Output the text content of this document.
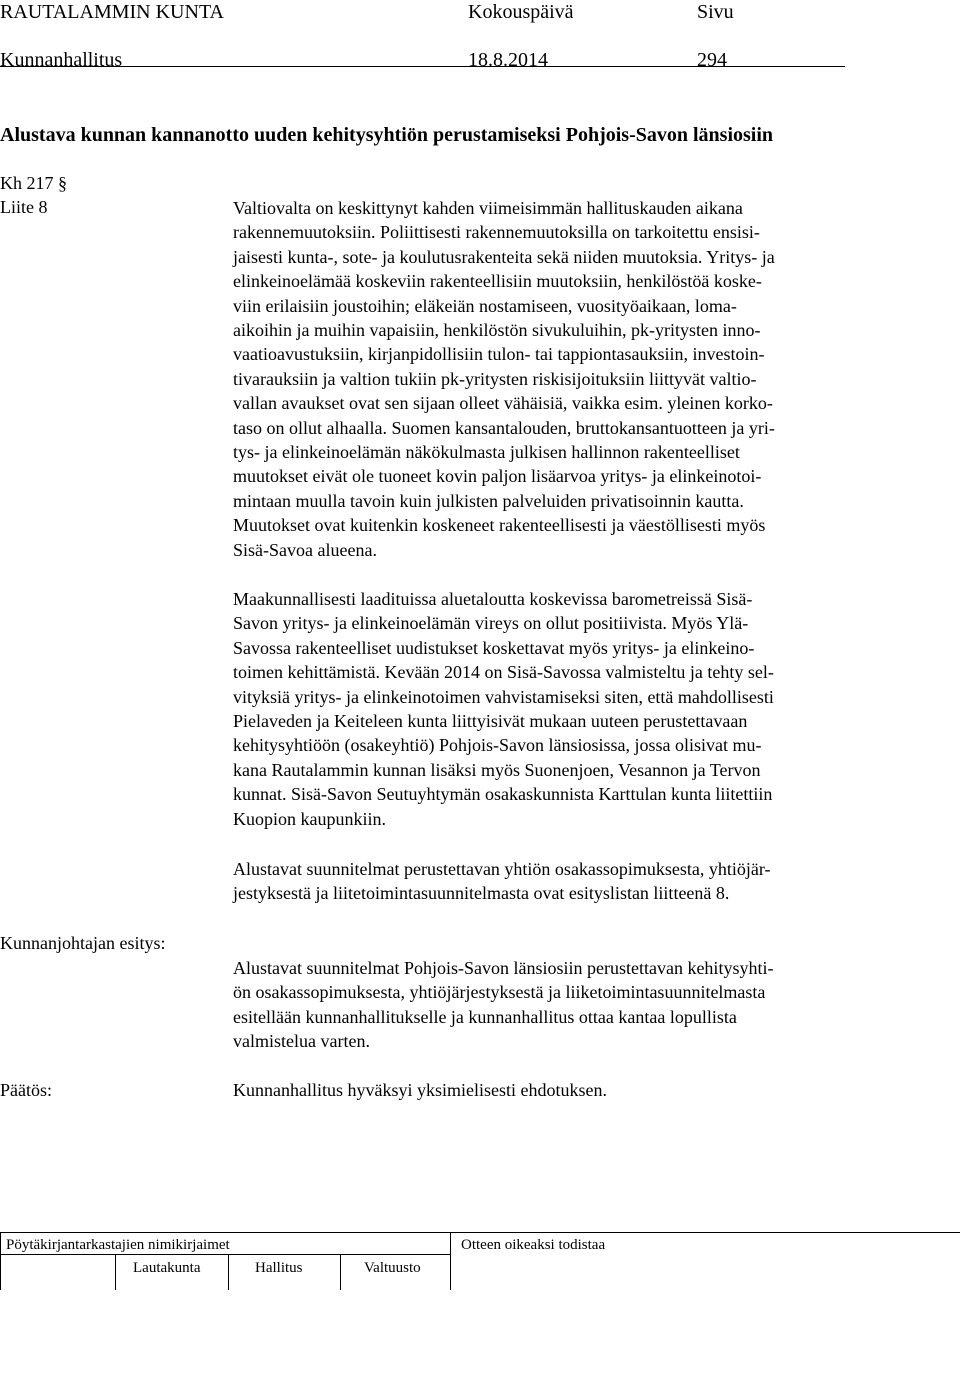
RAUTALAMMIN KUNTA	Kokouspäivä	Sivu
Kunnanhallitus	18.8.2014	294
Alustava kunnan kannanotto uuden kehitysyhtiön perustamiseksi Pohjois-Savon länsiosiin
Kh 217 §
Liite 8	Valtiovalta on keskittynyt kahden viimeisimmän hallituskauden aikana
rakennemuutoksiin. Poliittisesti rakennemuutoksilla on tarkoitettu ensisi-
jaisesti kunta-, sote- ja koulutusrakenteita sekä niiden muutoksia. Yritys- ja
elinkeinoelämää koskeviin rakenteellisiin muutoksiin, henkilöstöä koske-
viin erilaisiin joustoihin; eläkeiän nostamiseen, vuosityöaikaan, loma-
aikoihin ja muihin vapaisiin, henkilöstön sivukuluihin, pk-yritysten inno-
vaatioavustuksiin, kirjanpidollisiin tulon- tai tappiontasauksiin, investoin-
tivarauksiin ja valtion tukiin pk-yritysten riskisijoituksiin liittyvät valtio-
vallan avaukset ovat sen sijaan olleet vähäisiä, vaikka esim. yleinen korko-
taso on ollut alhaalla. Suomen kansantalouden, bruttokansantuotteen ja yri-
tys- ja elinkeinoelämän näkökulmasta julkisen hallinnon rakenteelliset
muutokset eivät ole tuoneet kovin paljon lisäarvoa yritys- ja elinkeinotoi-
mintaan muulla tavoin kuin julkisten palveluiden privatisoinnin kautta.
Muutokset ovat kuitenkin koskeneet rakenteellisesti ja väestöllisesti myös
Sisä-Savoa alueena.
Maakunnallisesti laadituissa aluetaloutta koskevissa barometreissä Sisä-
Savon yritys- ja elinkeinoelämän vireys on ollut positiivista. Myös Ylä-
Savossa rakenteelliset uudistukset koskettavat myös yritys- ja elinkeino-
toimen kehittämistä. Kevään 2014 on Sisä-Savossa valmisteltu ja tehty sel-
vityksiä yritys- ja elinkeinotoimen vahvistamiseksi siten, että mahdollisesti
Pielaveden ja Keiteleen kunta liittyisivät mukaan uuteen perustettavaan
kehitysyhtiöön (osakeyhtiö) Pohjois-Savon länsiosissa, jossa olisivat mu-
kana Rautalammin kunnan lisäksi myös Suonenjoen, Vesannon ja Tervon
kunnat. Sisä-Savon Seutuyhtymän osakaskunnista Karttulan kunta liitettiin
Kuopion kaupunkiin.
Alustavat suunnitelmat perustettavan yhtiön osakassopimuksesta, yhtiöjär-
jestyksestä ja liitetoimintasuunnitelmasta ovat esityslistan liitteenä 8.
Kunnanjohtajan esitys:
Alustavat suunnitelmat Pohjois-Savon länsiosiin perustettavan kehitysyhti-
ön osakassopimuksesta, yhtiöjärjestyksestä ja liiketoimintasuunnitelmasta
esitellään kunnanhallitukselle ja kunnanhallitus ottaa kantaa lopullista
valmistelua varten.
Päätös:	Kunnanhallitus hyväksyi yksimielisesti ehdotuksen.
Pöytäkirjantarkastajien nimikirjaimet	Otteen oikeaksi todistaa
Lautakunta	Hallitus	Valtuusto
